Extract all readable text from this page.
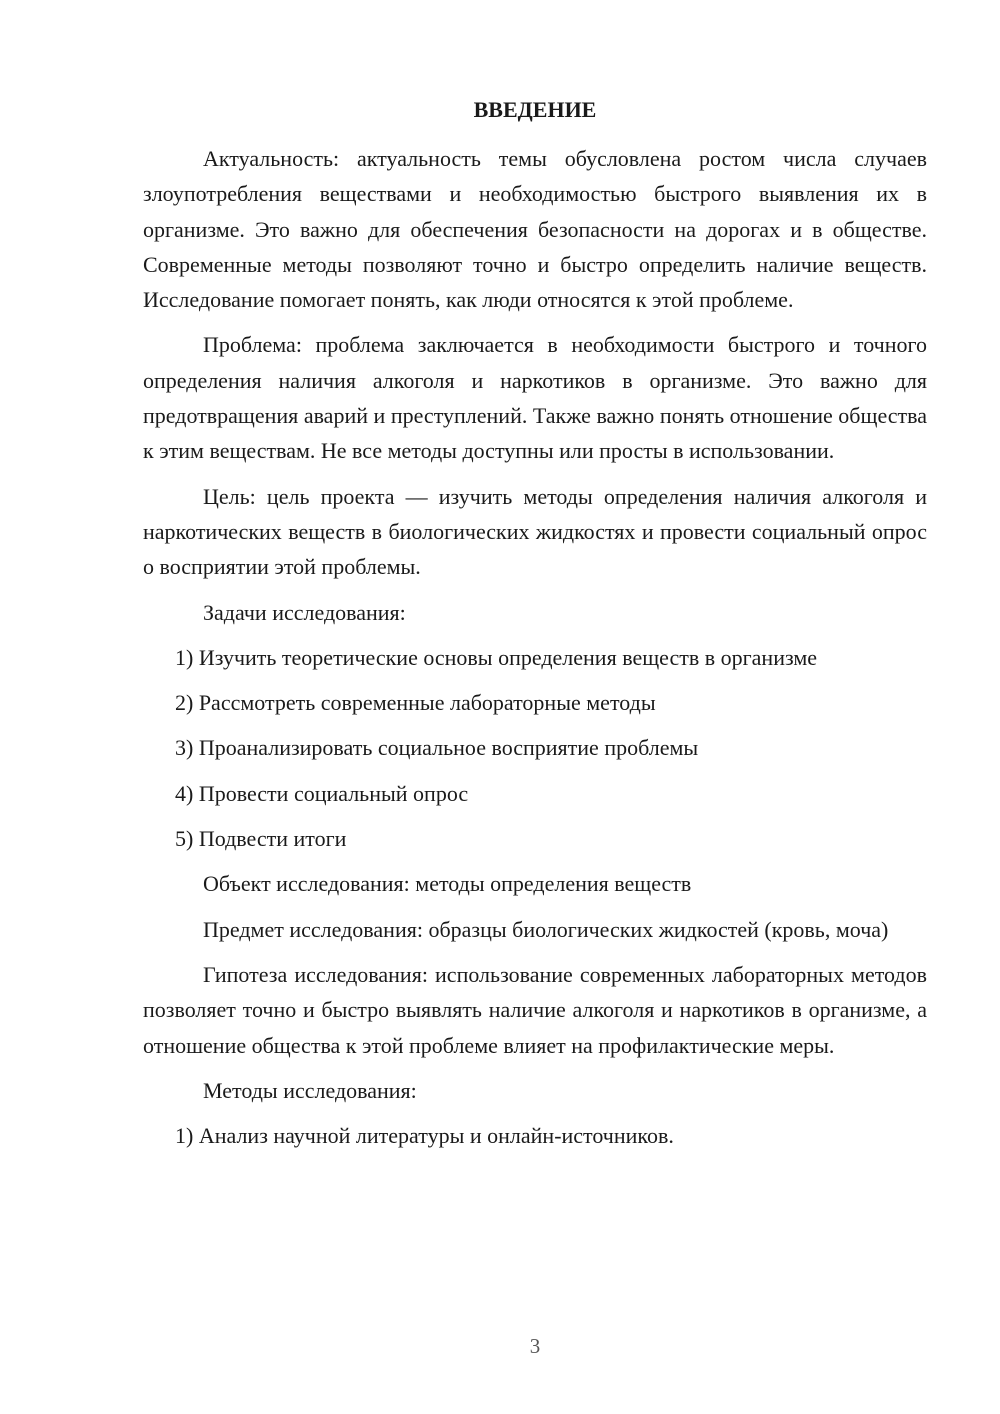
ВВЕДЕНИЕ

Актуальность: актуальность темы обусловлена ростом числа случаев злоупотребления веществами и необходимостью быстрого выявления их в организме. Это важно для обеспечения безопасности на дорогах и в обществе. Современные методы позволяют точно и быстро определить наличие веществ. Исследование помогает понять, как люди относятся к этой проблеме.

Проблема: проблема заключается в необходимости быстрого и точного определения наличия алкоголя и наркотиков в организме. Это важно для предотвращения аварий и преступлений. Также важно понять отношение общества к этим веществам. Не все методы доступны или просты в использовании.

Цель: цель проекта — изучить методы определения наличия алкоголя и наркотических веществ в биологических жидкостях и провести социальный опрос о восприятии этой проблемы.

Задачи исследования:

1) Изучить теоретические основы определения веществ в организме
2) Рассмотреть современные лабораторные методы
3) Проанализировать социальное восприятие проблемы
4) Провести социальный опрос
5) Подвести итоги

Объект исследования: методы определения веществ

Предмет исследования: образцы биологических жидкостей (кровь, моча)

Гипотеза исследования: использование современных лабораторных методов позволяет точно и быстро выявлять наличие алкоголя и наркотиков в организме, а отношение общества к этой проблеме влияет на профилактические меры.

Методы исследования:

1) Анализ научной литературы и онлайн-источников.
3
